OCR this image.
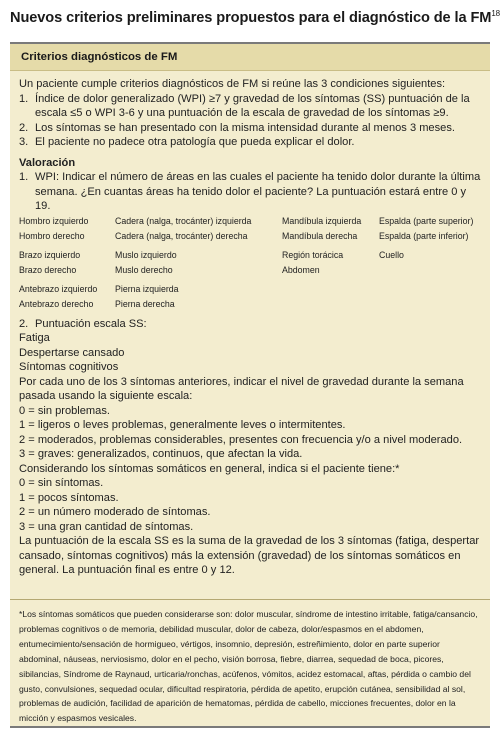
Nuevos criterios preliminares propuestos para el diagnóstico de la FM$^{18}$
Criterios diagnósticos de FM
Un paciente cumple criterios diagnósticos de FM si reúne las 3 condiciones siguientes:
1. Índice de dolor generalizado (WPI) ≥7 y gravedad de los síntomas (SS) puntuación de la escala ≤5 o WPI 3-6 y una puntuación de la escala de gravedad de los síntomas ≥9.
2. Los síntomas se han presentado con la misma intensidad durante al menos 3 meses.
3. El paciente no padece otra patología que pueda explicar el dolor.
Valoración
1. WPI: Indicar el número de áreas en las cuales el paciente ha tenido dolor durante la última semana. ¿En cuantas áreas ha tenido dolor el paciente? La puntuación estará entre 0 y 19.
Hombro izquierdo	Cadera (nalga, trocánter) izquierda	Mandíbula izquierda	Espalda (parte superior)
Hombro derecho	Cadera (nalga, trocánter) derecha	Mandíbula derecha	Espalda (parte inferior)
Brazo izquierdo	Muslo izquierdo	Región torácica	Cuello
Brazo derecho	Muslo derecho	Abdomen
Antebrazo izquierdo	Pierna izquierda
Antebrazo derecho	Pierna derecha
2. Puntuación escala SS:
Fatiga
Despertarse cansado
Síntomas cognitivos
Por cada uno de los 3 síntomas anteriores, indicar el nivel de gravedad durante la semana pasada usando la siguiente escala:
0 = sin problemas.
1 = ligeros o leves problemas, generalmente leves o intermitentes.
2 = moderados, problemas considerables, presentes con frecuencia y/o a nivel moderado.
3 = graves: generalizados, continuos, que afectan la vida.
Considerando los síntomas somáticos en general, indica si el paciente tiene:*
0 = sin síntomas.
1 = pocos síntomas.
2 = un número moderado de síntomas.
3 = una gran cantidad de síntomas.
La puntuación de la escala SS es la suma de la gravedad de los 3 síntomas (fatiga, despertar cansado, síntomas cognitivos) más la extensión (gravedad) de los síntomas somáticos en general. La puntuación final es entre 0 y 12.
*Los síntomas somáticos que pueden considerarse son: dolor muscular, síndrome de intestino irritable, fatiga/cansancio, problemas cognitivos o de memoria, debilidad muscular, dolor de cabeza, dolor/espasmos en el abdomen, entumecimiento/sensación de hormigueo, vértigos, insomnio, depresión, estreñimiento, dolor en parte superior abdominal, náuseas, nerviosismo, dolor en el pecho, visión borrosa, fiebre, diarrea, sequedad de boca, picores, sibilancias, Síndrome de Raynaud, urticaria/ronchas, acúfenos, vómitos, acidez estomacal, aftas, pérdida o cambio del gusto, convulsiones, sequedad ocular, dificultad respiratoria, pérdida de apetito, erupción cutánea, sensibilidad al sol, problemas de audición, facilidad de aparición de hematomas, pérdida de cabello, micciones frecuentes, dolor en la micción y espasmos vesicales.
